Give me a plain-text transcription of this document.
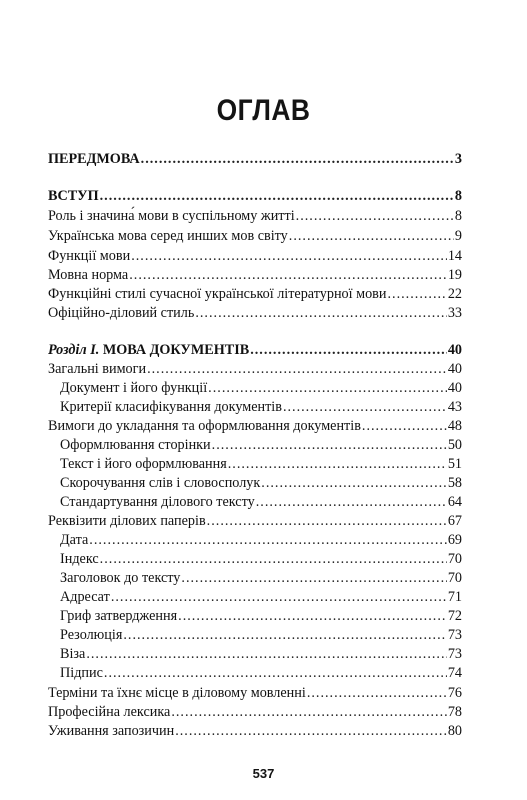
ОГЛАВ
ПЕРЕДМОВА .....	3
ВСТУП .....	8
Роль і значина́ мови в суспільному житті .....	8
Українська мова серед инших мов світу .....	9
Функції мови .....	14
Мовна норма .....	19
Функційні стилі сучасної української літературної мови .....	22
Офіційно-діловий стиль .....	33
Розділ I. МОВА ДОКУМЕНТІВ .....	40
Загальні вимоги .....	40
Документ і його функції .....	40
Критерії класифікування документів .....	43
Вимоги до укладання та оформлювання документів .....	48
Оформлювання сторінки .....	50
Текст і його оформлювання .....	51
Скорочування слів і словосполук .....	58
Стандартування ділового тексту .....	64
Реквізити ділових паперів .....	67
Дата .....	69
Індекс .....	70
Заголовок до тексту .....	70
Адресат .....	71
Гриф затвердження .....	72
Резолюція .....	73
Віза .....	73
Підпис .....	74
Терміни та їхнє місце в діловому мовленні .....	76
Професійна лексика .....	78
Уживання запозичин .....	80
537
